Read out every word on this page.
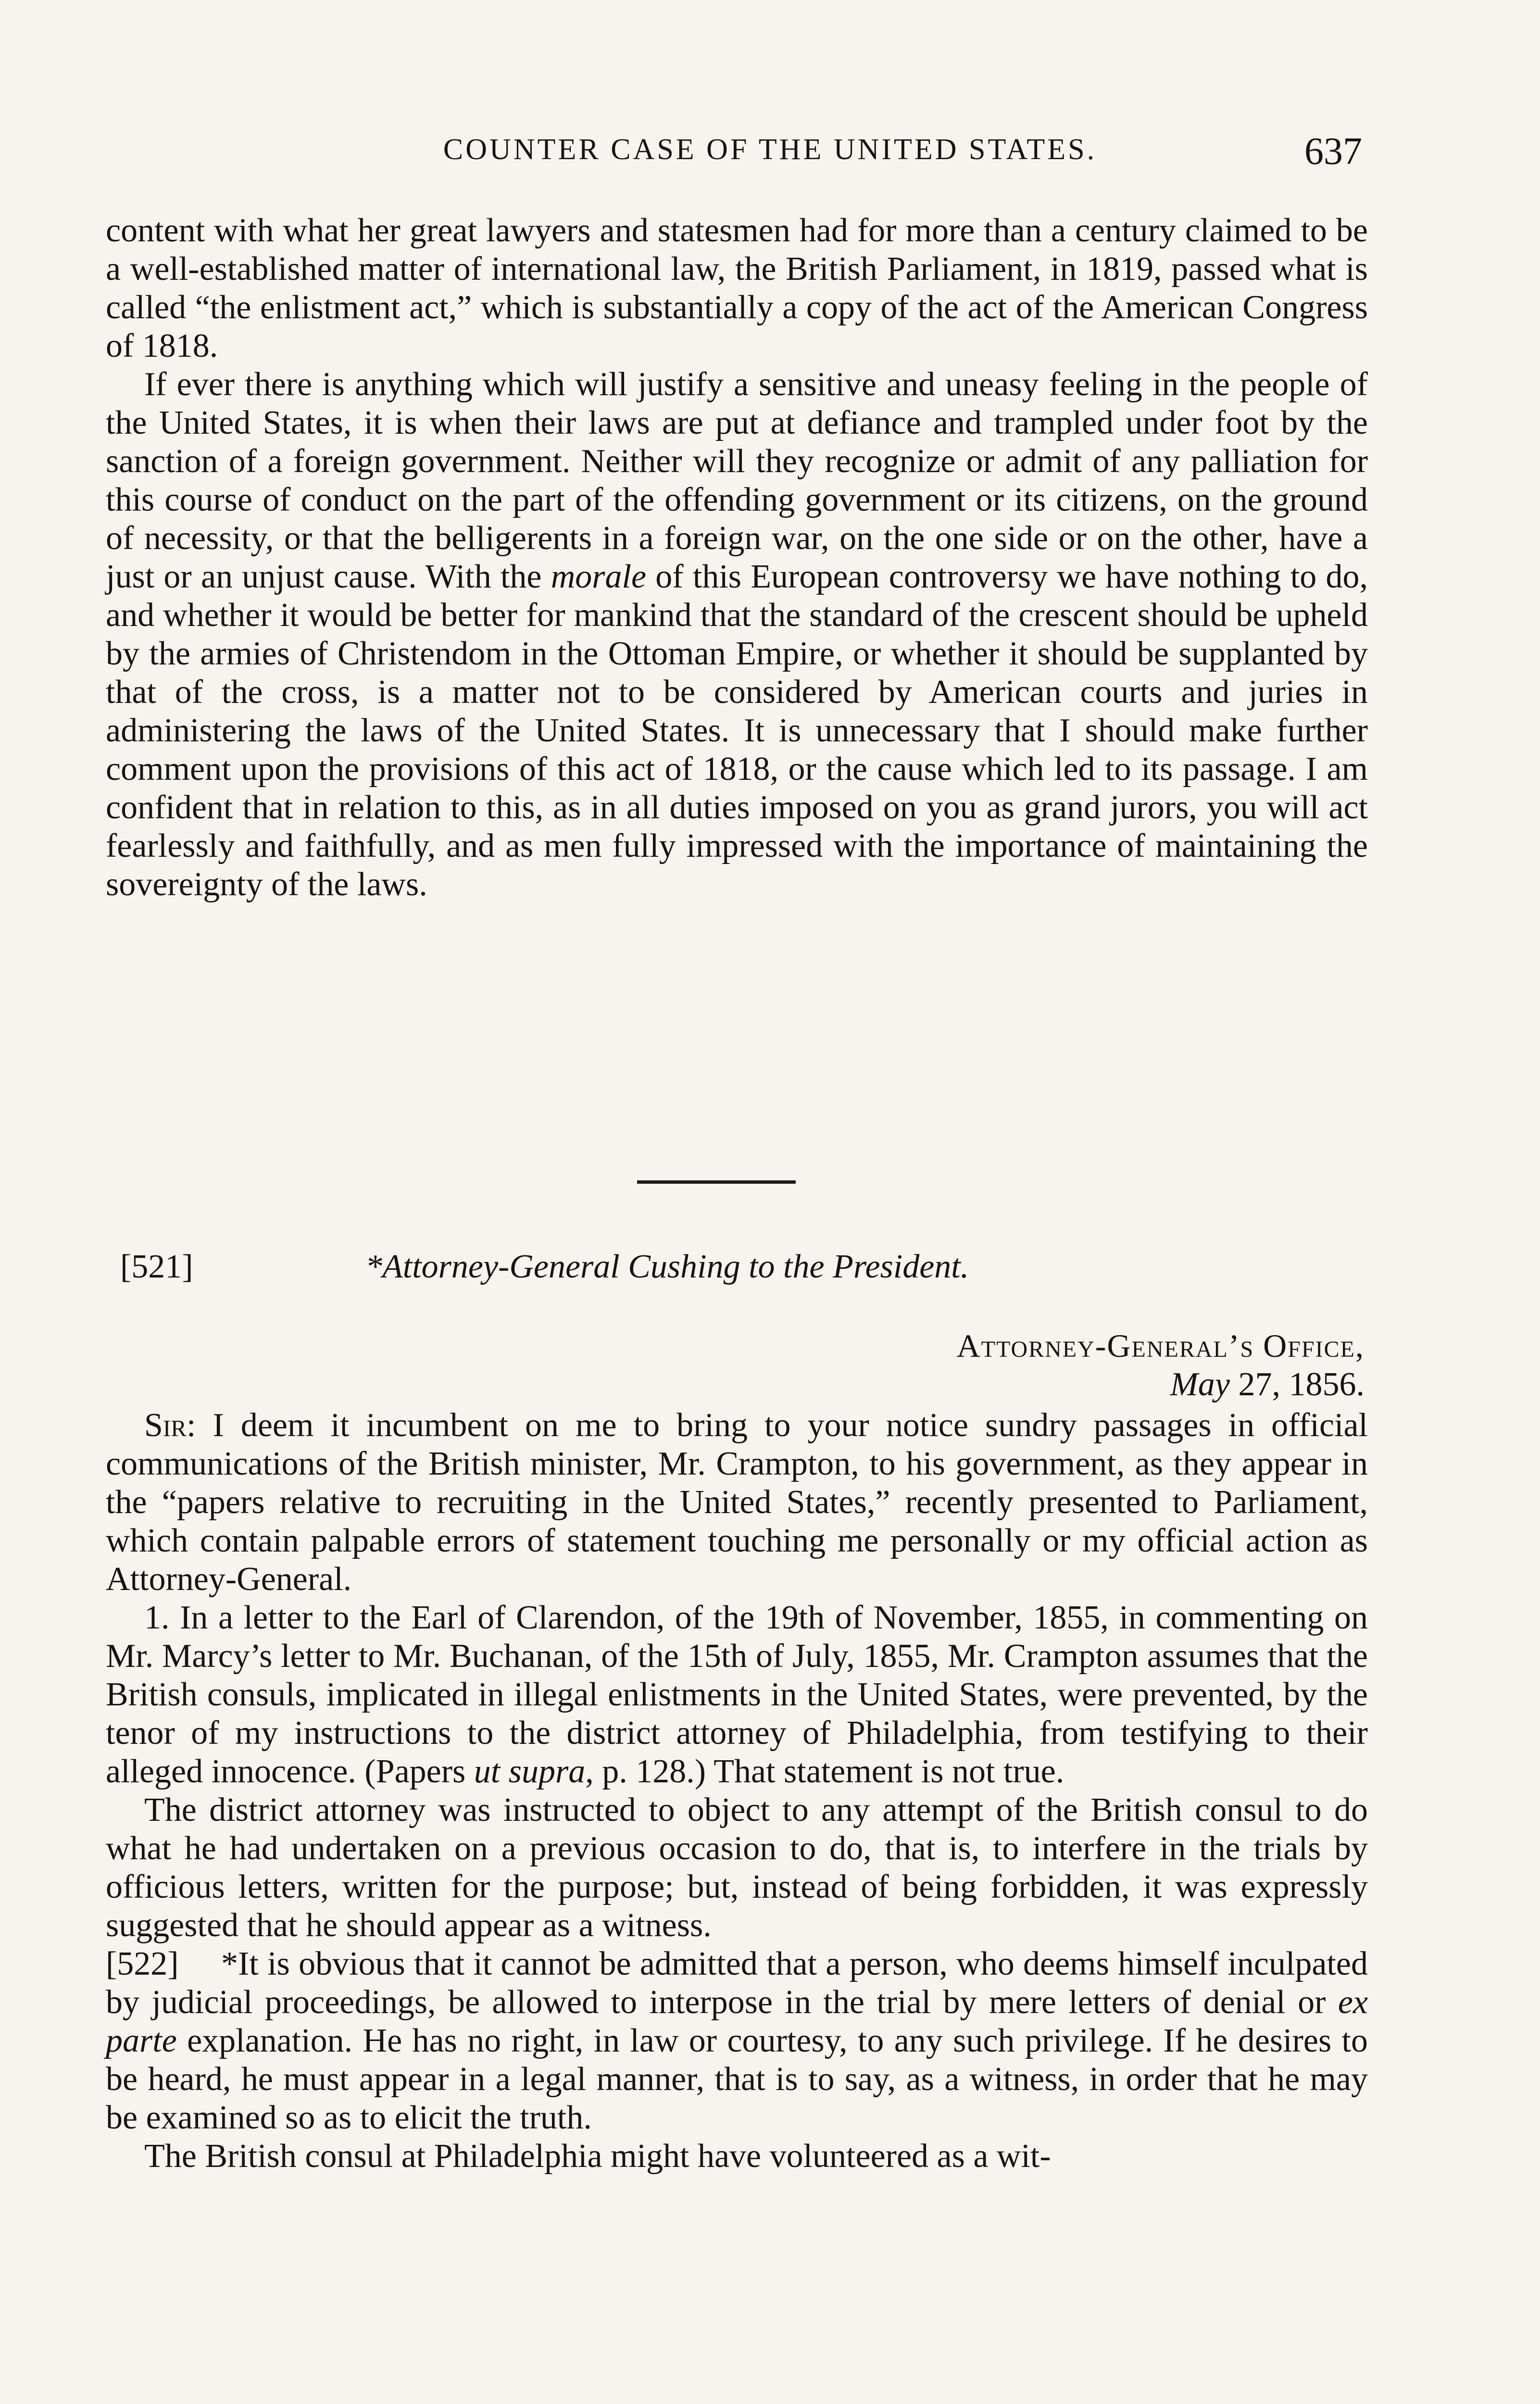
COUNTER CASE OF THE UNITED STATES.	637

content with what her great lawyers and statesmen had for more than a century claimed to be a well-established matter of international law, the British Parliament, in 1819, passed what is called “the enlistment act,” which is substantially a copy of the act of the American Congress of 1818.

If ever there is anything which will justify a sensitive and uneasy feeling in the people of the United States, it is when their laws are put at defiance and trampled under foot by the sanction of a foreign government. Neither will they recognize or admit of any palliation for this course of conduct on the part of the offending government or its citizens, on the ground of necessity, or that the belligerents in a foreign war, on the one side or on the other, have a just or an unjust cause. With the morale of this European controversy we have nothing to do, and whether it would be better for mankind that the standard of the crescent should be upheld by the armies of Christendom in the Ottoman Empire, or whether it should be supplanted by that of the cross, is a matter not to be considered by American courts and juries in administering the laws of the United States. It is unnecessary that I should make further comment upon the provisions of this act of 1818, or the cause which led to its passage. I am confident that in relation to this, as in all duties imposed on you as grand jurors, you will act fearlessly and faithfully, and as men fully impressed with the importance of maintaining the sovereignty of the laws.

[521]	*Attorney-General Cushing to the President.
Attorney-General’s Office,
May 27, 1856.

Sir: I deem it incumbent on me to bring to your notice sundry passages in official communications of the British minister, Mr. Crampton, to his government, as they appear in the “papers relative to recruiting in the United States,” recently presented to Parliament, which contain palpable errors of statement touching me personally or my official action as Attorney-General.

1. In a letter to the Earl of Clarendon, of the 19th of November, 1855, in commenting on Mr. Marcy’s letter to Mr. Buchanan, of the 15th of July, 1855, Mr. Crampton assumes that the British consuls, implicated in illegal enlistments in the United States, were prevented, by the tenor of my instructions to the district attorney of Philadelphia, from testifying to their alleged innocence. (Papers ut supra, p. 128.) That statement is not true.

The district attorney was instructed to object to any attempt of the British consul to do what he had undertaken on a previous occasion to do, that is, to interfere in the trials by officious letters, written for the purpose; but, instead of being forbidden, it was expressly suggested that he should appear as a witness.

[522] *It is obvious that it cannot be admitted that a person, who deems himself inculpated by judicial proceedings, be allowed to interpose in the trial by mere letters of denial or ex parte explanation. He has no right, in law or courtesy, to any such privilege. If he desires to be heard, he must appear in a legal manner, that is to say, as a witness, in order that he may be examined so as to elicit the truth.

The British consul at Philadelphia might have volunteered as a wit-
